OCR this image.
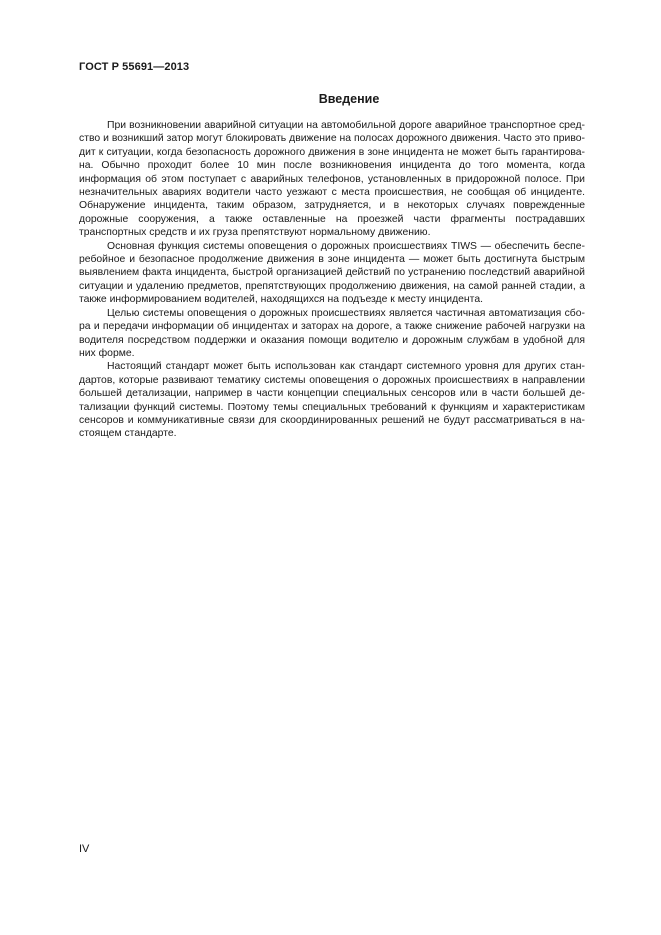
ГОСТ Р 55691—2013
Введение

При возникновении аварийной ситуации на автомобильной дороге аварийное транспортное средство и возникший затор могут блокировать движение на полосах дорожного движения. Часто это приводит к ситуации, когда безопасность дорожного движения в зоне инцидента не может быть гарантирована. Обычно проходит более 10 мин после возникновения инцидента до того момента, когда информация об этом поступает с аварийных телефонов, установленных в придорожной полосе. При незначительных авариях водители часто уезжают с места происшествия, не сообщая об инциденте. Обнаружение инцидента, таким образом, затрудняется, и в некоторых случаях поврежденные дорожные сооружения, а также оставленные на проезжей части фрагменты пострадавших транспортных средств и их груза препятствуют нормальному движению.

Основная функция системы оповещения о дорожных происшествиях TIWS — обеспечить бесперебойное и безопасное продолжение движения в зоне инцидента — может быть достигнута быстрым выявлением факта инцидента, быстрой организацией действий по устранению последствий аварийной ситуации и удалению предметов, препятствующих продолжению движения, на самой ранней стадии, а также информированием водителей, находящихся на подъезде к месту инцидента.

Целью системы оповещения о дорожных происшествиях является частичная автоматизация сбора и передачи информации об инцидентах и заторах на дороге, а также снижение рабочей нагрузки на водителя посредством поддержки и оказания помощи водителю и дорожным службам в удобной для них форме.

Настоящий стандарт может быть использован как стандарт системного уровня для других стандартов, которые развивают тематику системы оповещения о дорожных происшествиях в направлении большей детализации, например в части концепции специальных сенсоров или в части большей детализации функций системы. Поэтому темы специальных требований к функциям и характеристикам сенсоров и коммуникативные связи для скоординированных решений не будут рассматриваться в настоящем стандарте.

IV
